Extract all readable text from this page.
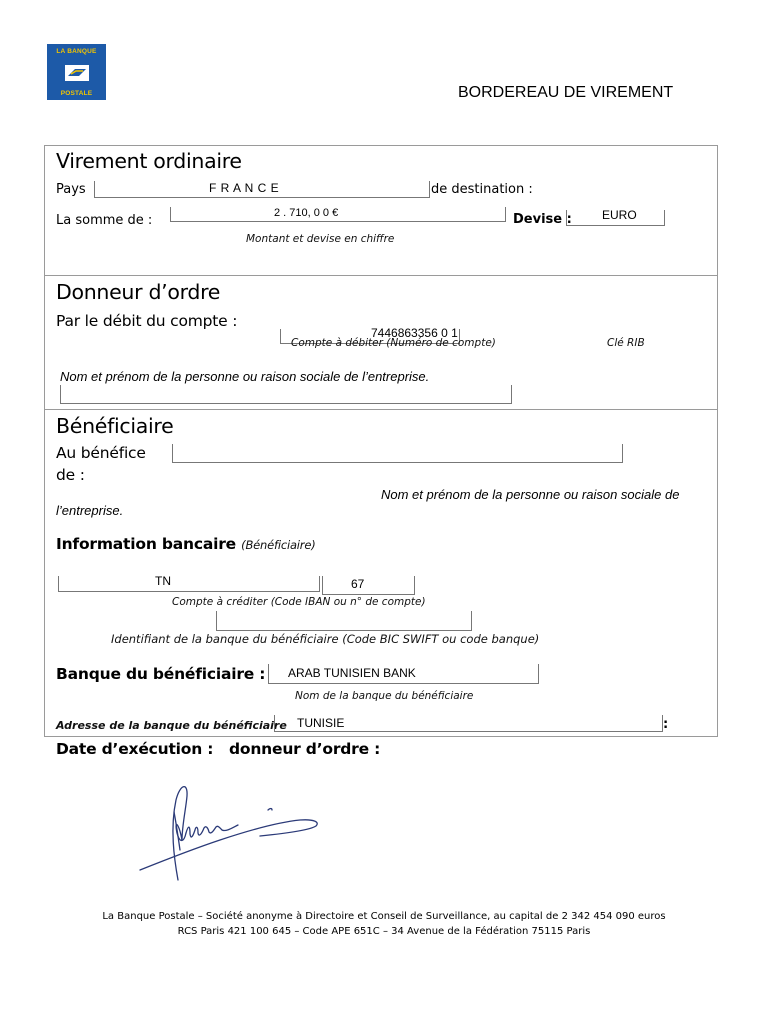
LA BANQUE
POSTALE	BORDEREAU DE VIREMENT
Virement ordinaire
Pays	F R A N C E	de destination :
La somme de :	2 . 710, 0 0 €	Devise :	EURO
Montant et devise en chiffre
Donneur d’ordre
Par le débit du compte :
7446863356 0 1
Compte à débiter (Numéro de compte)	Clé RIB
Nom et prénom de la personne ou raison sociale de l’entreprise.
Bénéficiaire
Au bénéfice
de :
Nom et prénom de la personne ou raison sociale de
l’entreprise.
Information bancaire (Bénéficiaire)
TN	67
Compte à créditer (Code IBAN ou n° de compte)
Identifiant de la banque du bénéficiaire (Code BIC SWIFT ou code banque)
Banque du bénéficiaire : ARAB TUNISIEN BANK
Nom de la banque du bénéficiaire
Adresse de la banque du bénéficiaire TUNISIE	:
Date d’exécution : donneur d’ordre :
La Banque Postale – Société anonyme à Directoire et Conseil de Surveillance, au capital de 2 342 454 090 euros
RCS Paris 421 100 645 – Code APE 651C – 34 Avenue de la Fédération 75115 Paris
